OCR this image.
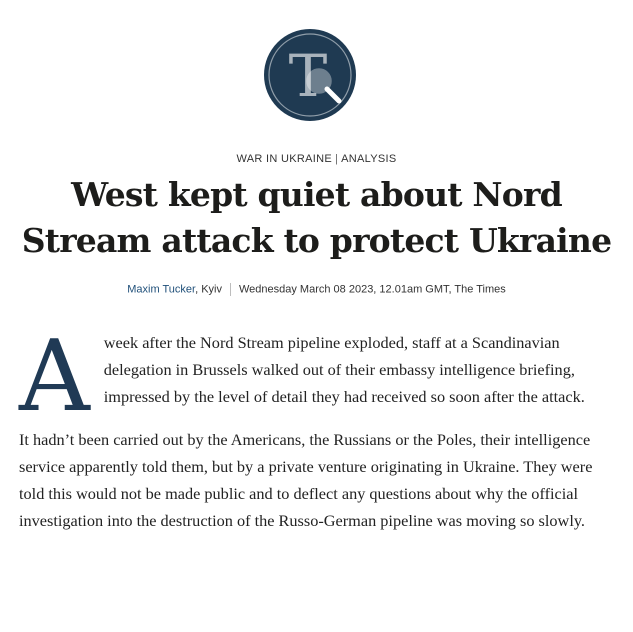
T
WAR IN UKRAINE | ANALYSIS
West kept quiet about Nord Stream attack to protect Ukraine
Maxim Tucker, Kyiv Wednesday March 08 2023, 12.01am GMT, The Times

Aweek after the Nord Stream pipeline exploded, staff at a Scandinavian delegation in Brussels walked out of their embassy intelligence briefing, impressed by the level of detail they had received so soon after the attack.

It hadn’t been carried out by the Americans, the Russians or the Poles, their intelligence service apparently told them, but by a private venture originating in Ukraine. They were told this would not be made public and to deflect any questions about why the official investigation into the destruction of the Russo-German pipeline was moving so slowly.
